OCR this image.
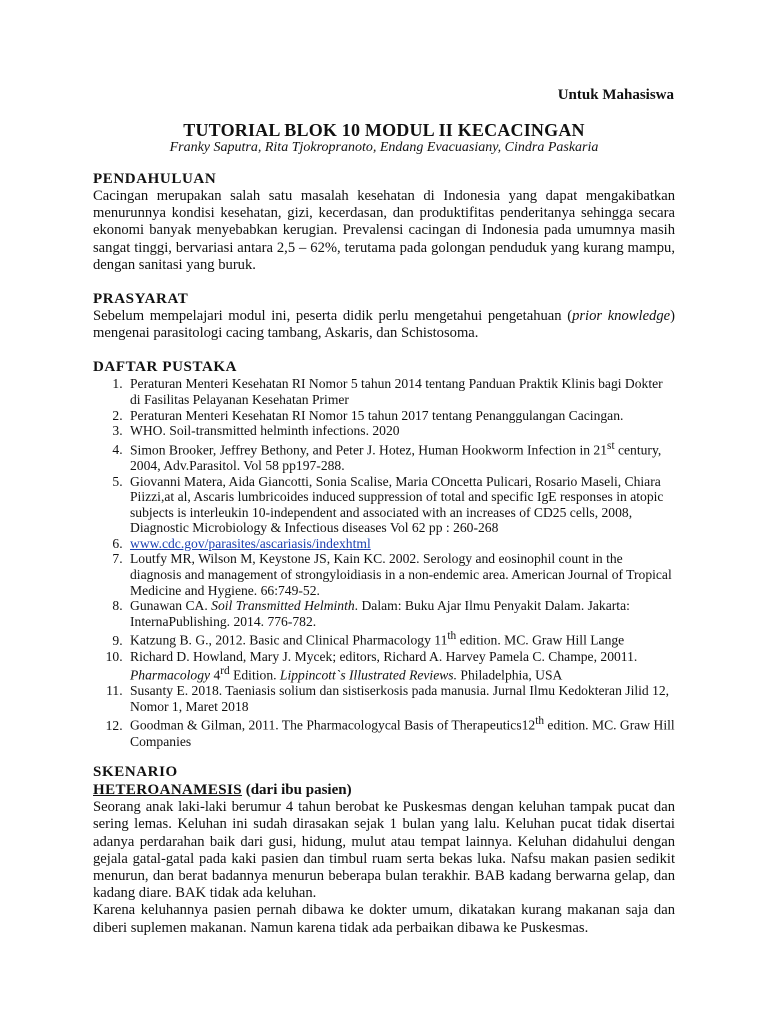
Untuk Mahasiswa
TUTORIAL BLOK 10 MODUL II KECACINGAN
Franky Saputra, Rita Tjokropranoto, Endang Evacuasiany, Cindra Paskaria
PENDAHULUAN
Cacingan merupakan salah satu masalah kesehatan di Indonesia yang dapat mengakibatkan menurunnya kondisi kesehatan, gizi, kecerdasan, dan produktifitas penderitanya sehingga secara ekonomi banyak menyebabkan kerugian. Prevalensi cacingan di Indonesia pada umumnya masih sangat tinggi, bervariasi antara 2,5 – 62%, terutama pada golongan penduduk yang kurang mampu, dengan sanitasi yang buruk.
PRASYARAT
Sebelum mempelajari modul ini, peserta didik perlu mengetahui pengetahuan (prior knowledge) mengenai parasitologi cacing tambang, Askaris, dan Schistosoma.
DAFTAR PUSTAKA
1. Peraturan Menteri Kesehatan RI Nomor 5 tahun 2014 tentang Panduan Praktik Klinis bagi Dokter di Fasilitas Pelayanan Kesehatan Primer
2. Peraturan Menteri Kesehatan RI Nomor 15 tahun 2017 tentang Penanggulangan Cacingan.
3. WHO. Soil-transmitted helminth infections. 2020
4. Simon Brooker, Jeffrey Bethony, and Peter J. Hotez, Human Hookworm Infection in 21st century, 2004, Adv.Parasitol. Vol 58 pp197-288.
5. Giovanni Matera, Aida Giancotti, Sonia Scalise, Maria COncetta Pulicari, Rosario Maseli, Chiara Piizzi,at al, Ascaris lumbricoides induced suppression of total and specific IgE responses in atopic subjects is interleukin 10-independent and associated with an increases of CD25 cells, 2008, Diagnostic Microbiology & Infectious diseases Vol 62 pp : 260-268
6. www.cdc.gov/parasites/ascariasis/indexhtml
7. Loutfy MR, Wilson M, Keystone JS, Kain KC. 2002. Serology and eosinophil count in the diagnosis and management of strongyloidiasis in a non-endemic area. American Journal of Tropical Medicine and Hygiene. 66:749-52.
8. Gunawan CA. Soil Transmitted Helminth. Dalam: Buku Ajar Ilmu Penyakit Dalam. Jakarta: InternaPublishing. 2014. 776-782.
9. Katzung B. G., 2012. Basic and Clinical Pharmacology 11th edition. MC. Graw Hill Lange
10. Richard D. Howland, Mary J. Mycek; editors, Richard A. Harvey Pamela C. Champe, 20011. Pharmacology 4rd Edition. Lippincott`s Illustrated Reviews. Philadelphia, USA
11. Susanty E. 2018. Taeniasis solium dan sistiserkosis pada manusia. Jurnal Ilmu Kedokteran Jilid 12, Nomor 1, Maret 2018
12. Goodman & Gilman, 2011. The Pharmacologycal Basis of Therapeutics12th edition. MC. Graw Hill Companies
SKENARIO
HETEROANAMESIS (dari ibu pasien)
Seorang anak laki-laki berumur 4 tahun berobat ke Puskesmas dengan keluhan tampak pucat dan sering lemas. Keluhan ini sudah dirasakan sejak 1 bulan yang lalu. Keluhan pucat tidak disertai adanya perdarahan baik dari gusi, hidung, mulut atau tempat lainnya. Keluhan didahului dengan gejala gatal-gatal pada kaki pasien dan timbul ruam serta bekas luka. Nafsu makan pasien sedikit menurun, dan berat badannya menurun beberapa bulan terakhir. BAB kadang berwarna gelap, dan kadang diare. BAK tidak ada keluhan.
Karena keluhannya pasien pernah dibawa ke dokter umum, dikatakan kurang makanan saja dan diberi suplemen makanan. Namun karena tidak ada perbaikan dibawa ke Puskesmas.
